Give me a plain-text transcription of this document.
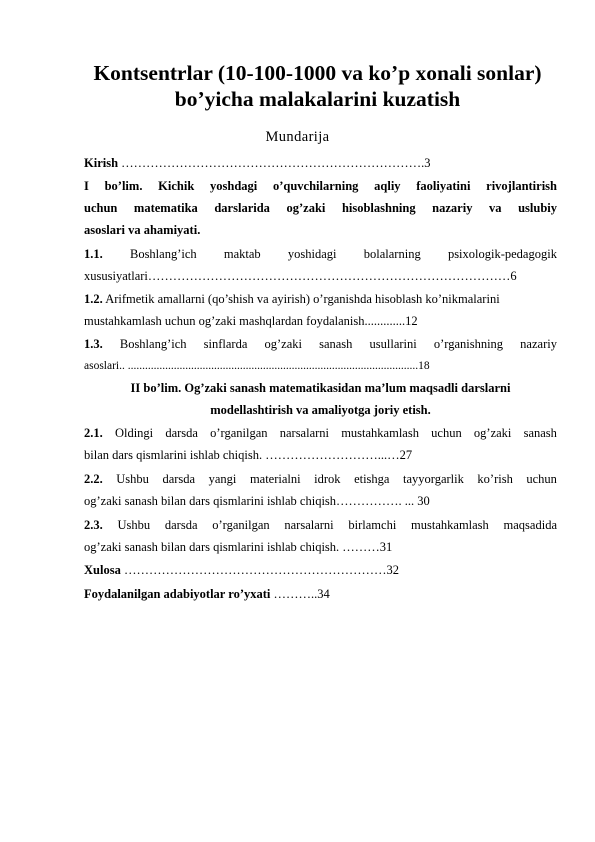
Kontsentrlar (10-100-1000 va ko’p xonali sonlar)
bo’yicha malakalarini kuzatish
Mundarija
Kirish ……………………………………………………………….3
I bo’lim. Kichik yoshdagi o’quvchilarning aqliy faoliyatini rivojlantirish
uchun matematika darslarida og’zaki hisoblashning nazariy va uslubiy
asoslari va ahamiyati.
1.1. Boshlang’ich maktab yoshidagi bolalarning psixologik-pedagogik
xususiyatlari……………………………………………………………………………6
1.2. Arifmetik amallarni (qo’shish va ayirish) o’rganishda hisoblash ko’nikmalarini
mustahkamlash uchun og’zaki mashqlardan foydalanish.............12
1.3. Boshlang’ich sinflarda og’zaki sanash usullarini o’rganishning nazariy
asoslari.. .....................................................................................................18
II bo’lim. Og’zaki sanash matematikasidan ma’lum maqsadli darslarni
modellashtirish va amaliyotga joriy etish.
2.1. Oldingi darsda o’rganilgan narsalarni mustahkamlash uchun og’zaki sanash
bilan dars qismlarini ishlab chiqish. ………………………...…27
2.2. Ushbu darsda yangi materialni idrok etishga tayyorgarlik ko’rish uchun
og’zaki sanash bilan dars qismlarini ishlab chiqish……………. ... 30
2.3. Ushbu darsda o’rganilgan narsalarni birlamchi mustahkamlash maqsadida
og’zaki sanash bilan dars qismlarini ishlab chiqish. ………31
Xulosa ………………………………………………………32
Foydalanilgan adabiyotlar ro’yxati ………..34
